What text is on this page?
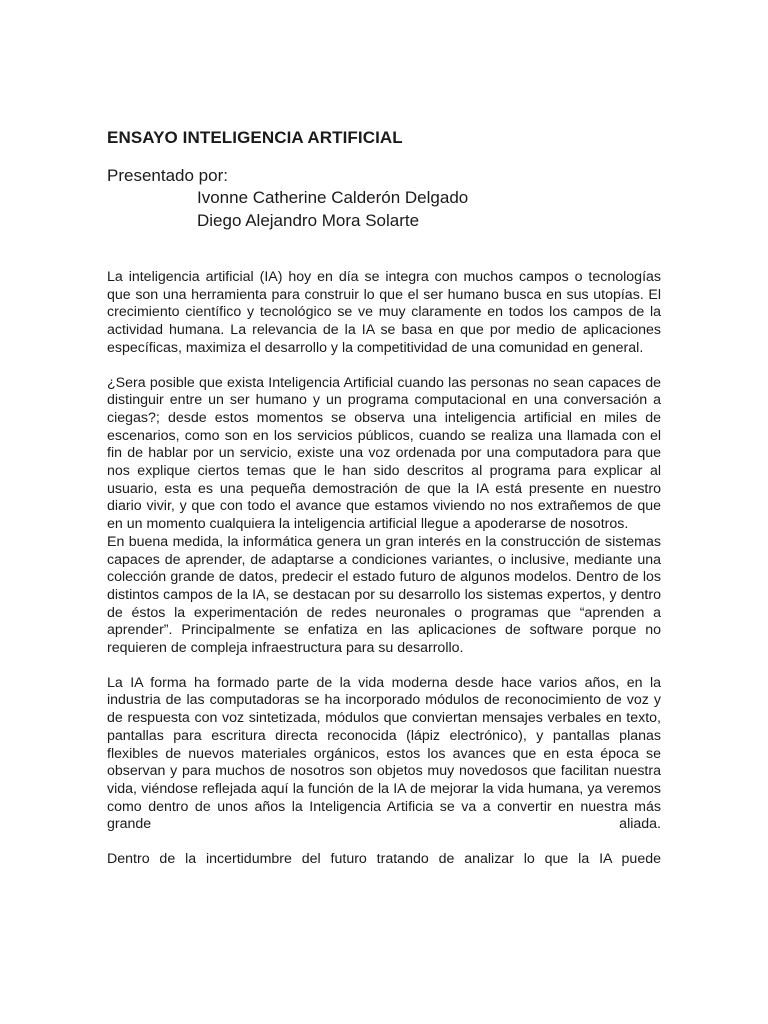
ENSAYO INTELIGENCIA ARTIFICIAL
Presentado por:
Ivonne Catherine Calderón Delgado
Diego Alejandro Mora Solarte

La inteligencia artificial (IA) hoy en día se integra con muchos campos o tecnologías que son una herramienta para construir lo que el ser humano busca en sus utopías. El crecimiento científico y tecnológico se ve muy claramente en todos los campos de la actividad humana. La relevancia de la IA se basa en que por medio de aplicaciones específicas, maximiza el desarrollo y la competitividad de una comunidad en general.

¿Sera posible que exista Inteligencia Artificial cuando las personas no sean capaces de distinguir entre un ser humano y un programa computacional en una conversación a ciegas?; desde estos momentos se observa una inteligencia artificial en miles de escenarios, como son en los servicios públicos, cuando se realiza una llamada con el fin de hablar por un servicio, existe una voz ordenada por una computadora para que nos explique ciertos temas que le han sido descritos al programa para explicar al usuario, esta es una pequeña demostración de que la IA está presente en nuestro diario vivir, y que con todo el avance que estamos viviendo no nos extrañemos de que en un momento cualquiera la inteligencia artificial llegue a apoderarse de nosotros.

En buena medida, la informática genera un gran interés en la construcción de sistemas capaces de aprender, de adaptarse a condiciones variantes, o inclusive, mediante una colección grande de datos, predecir el estado futuro de algunos modelos. Dentro de los distintos campos de la IA, se destacan por su desarrollo los sistemas expertos, y dentro de éstos la experimentación de redes neuronales o programas que “aprenden a aprender”. Principalmente se enfatiza en las aplicaciones de software porque no requieren de compleja infraestructura para su desarrollo.

La IA forma ha formado parte de la vida moderna desde hace varios años, en la industria de las computadoras se ha incorporado módulos de reconocimiento de voz y de respuesta con voz sintetizada, módulos que conviertan mensajes verbales en texto, pantallas para escritura directa reconocida (lápiz electrónico), y pantallas planas flexibles de nuevos materiales orgánicos, estos los avances que en esta época se observan y para muchos de nosotros son objetos muy novedosos que facilitan nuestra vida, viéndose reflejada aquí la función de la IA de mejorar la vida humana, ya veremos como dentro de unos años la Inteligencia Artificia se va a convertir en nuestra más grande aliada.

Dentro de la incertidumbre del futuro tratando de analizar lo que la IA puede
